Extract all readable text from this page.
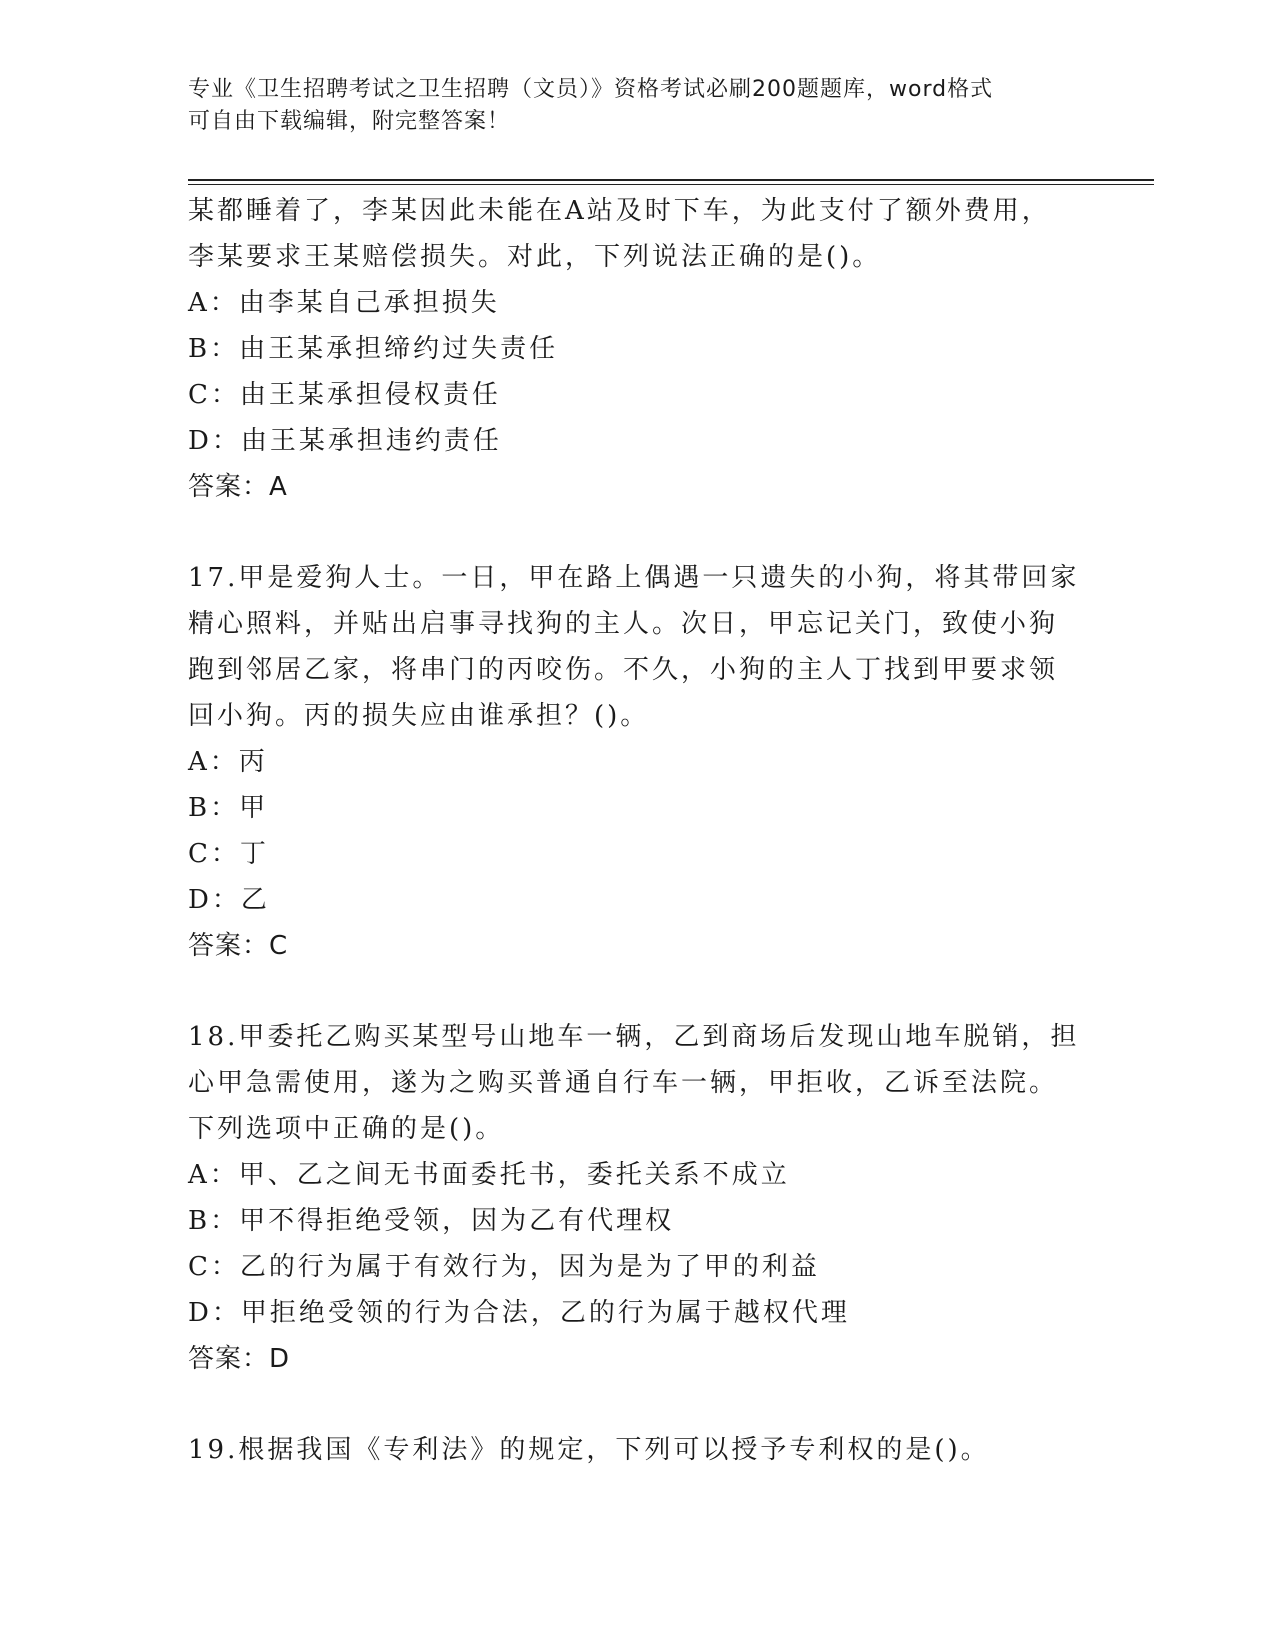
专业《卫生招聘考试之卫生招聘（文员）》资格考试必刷200题题库，word格式
可自由下载编辑，附完整答案！
某都睡着了，李某因此未能在A站及时下车，为此支付了额外费用，
李某要求王某赔偿损失。对此，下列说法正确的是()。
A：由李某自己承担损失
B：由王某承担缔约过失责任
C：由王某承担侵权责任
D：由王某承担违约责任
答案：A
17.甲是爱狗人士。一日，甲在路上偶遇一只遗失的小狗，将其带回家
精心照料，并贴出启事寻找狗的主人。次日，甲忘记关门，致使小狗
跑到邻居乙家，将串门的丙咬伤。不久，小狗的主人丁找到甲要求领
回小狗。丙的损失应由谁承担？()。
A：丙
B：甲
C：丁
D：乙
答案：C
18.甲委托乙购买某型号山地车一辆，乙到商场后发现山地车脱销，担
心甲急需使用，遂为之购买普通自行车一辆，甲拒收，乙诉至法院。
下列选项中正确的是()。
A：甲、乙之间无书面委托书，委托关系不成立
B：甲不得拒绝受领，因为乙有代理权
C：乙的行为属于有效行为，因为是为了甲的利益
D：甲拒绝受领的行为合法，乙的行为属于越权代理
答案：D
19.根据我国《专利法》的规定，下列可以授予专利权的是()。
